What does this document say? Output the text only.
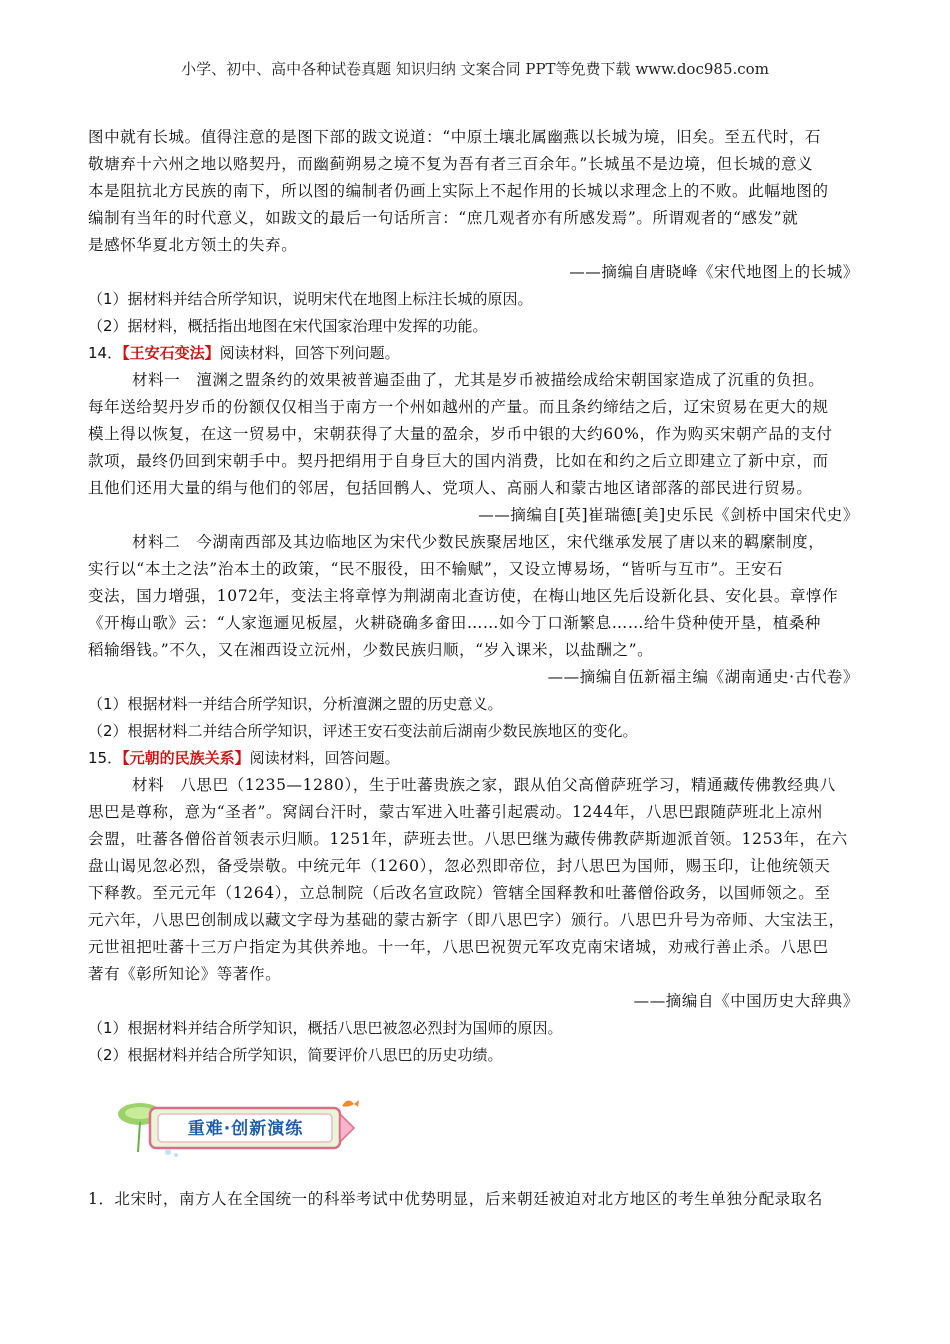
小学、初中、高中各种试卷真题 知识归纳 文案合同 PPT等免费下载 www.doc985.com
图中就有长城。值得注意的是图下部的跋文说道：“中原土壤北属幽燕以长城为境，旧矣。至五代时，石
敬塘弃十六州之地以赂契丹，而幽蓟朔易之境不复为吾有者三百余年。”长城虽不是边境，但长城的意义
本是阻抗北方民族的南下，所以图的编制者仍画上实际上不起作用的长城以求理念上的不败。此幅地图的
编制有当年的时代意义，如跋文的最后一句话所言：“庶几观者亦有所感发焉”。所谓观者的“感发”就
是感怀华夏北方领土的失弃。
——摘编自唐晓峰《宋代地图上的长城》
（1）据材料并结合所学知识，说明宋代在地图上标注长城的原因。
（2）据材料，概括指出地图在宋代国家治理中发挥的功能。
14．【王安石变法】阅读材料，回答下列问题。
材料一　澶渊之盟条约的效果被普遍歪曲了，尤其是岁币被描绘成给宋朝国家造成了沉重的负担。
每年送给契丹岁币的份额仅仅相当于南方一个州如越州的产量。而且条约缔结之后，辽宋贸易在更大的规
模上得以恢复，在这一贸易中，宋朝获得了大量的盈余，岁币中银的大约60%，作为购买宋朝产品的支付
款项，最终仍回到宋朝手中。契丹把绢用于自身巨大的国内消费，比如在和约之后立即建立了新中京，而
且他们还用大量的绢与他们的邻居，包括回鹘人、党项人、高丽人和蒙古地区诸部落的部民进行贸易。
——摘编自[英]崔瑞德[美]史乐民《剑桥中国宋代史》
材料二　今湖南西部及其边临地区为宋代少数民族聚居地区，宋代继承发展了唐以来的羁縻制度，
实行以“本土之法”治本土的政策，“民不服役，田不输赋”，又设立博易场，“皆听与互市”。王安石
变法，国力增强，1072年，变法主将章惇为荆湖南北查访使，在梅山地区先后设新化县、安化县。章惇作
《开梅山歌》云：“人家迤逦见板屋，火耕硗确多畲田……如今丁口渐繁息……给牛贷种使开垦，植桑种
稻输缗钱。”不久，又在湘西设立沅州，少数民族归顺，“岁入课米，以盐酬之”。
——摘编自伍新福主编《湖南通史·古代卷》
（1）根据材料一并结合所学知识，分析澶渊之盟的历史意义。
（2）根据材料二并结合所学知识，评述王安石变法前后湖南少数民族地区的变化。
15．【元朝的民族关系】阅读材料，回答问题。
材料　八思巴（1235—1280），生于吐蕃贵族之家，跟从伯父高僧萨班学习，精通藏传佛教经典八
思巴是尊称，意为“圣者”。窝阔台汗时，蒙古军进入吐蕃引起震动。1244年，八思巴跟随萨班北上凉州
会盟，吐蕃各僧俗首领表示归顺。1251年，萨班去世。八思巴继为藏传佛教萨斯迦派首领。1253年，在六
盘山谒见忽必烈，备受崇敬。中统元年（1260），忽必烈即帝位，封八思巴为国师，赐玉印，让他统领天
下释教。至元元年（1264），立总制院（后改名宣政院）管辖全国释教和吐蕃僧俗政务，以国师领之。至
元六年，八思巴创制成以藏文字母为基础的蒙古新字（即八思巴字）颁行。八思巴升号为帝师、大宝法王，
元世祖把吐蕃十三万户指定为其供养地。十一年，八思巴祝贺元军攻克南宋诸城，劝戒行善止杀。八思巴
著有《彰所知论》等著作。
——摘编自《中国历史大辞典》
（1）根据材料并结合所学知识，概括八思巴被忽必烈封为国师的原因。
（2）根据材料并结合所学知识，简要评价八思巴的历史功绩。
重难·创新演练
1．北宋时，南方人在全国统一的科举考试中优势明显，后来朝廷被迫对北方地区的考生单独分配录取名
